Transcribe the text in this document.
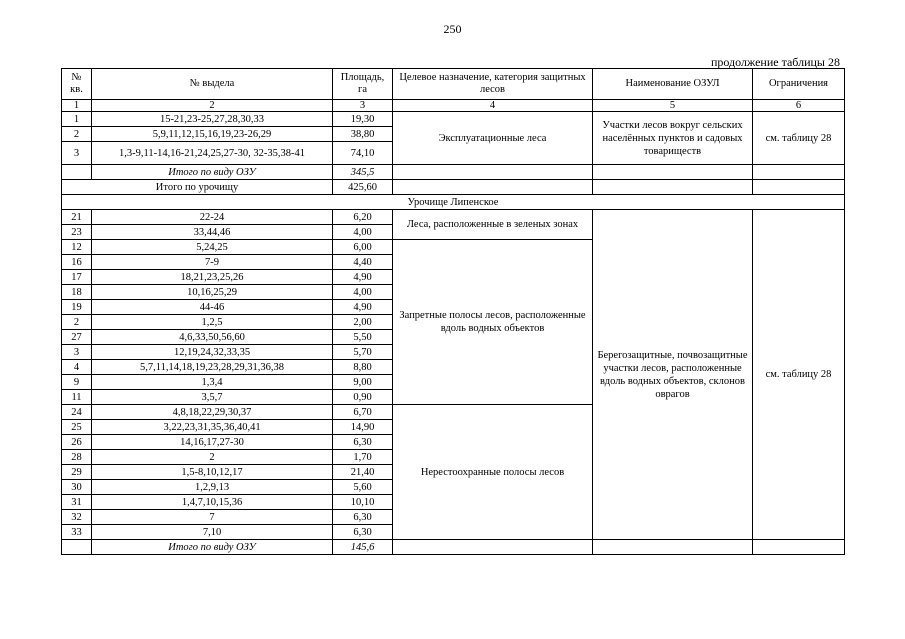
250
продолжение таблицы 28
№ кв.	№ выдела	Площадь, га	Целевое назначение, категория защитных лесов	Наименование ОЗУЛ	Ограничения
1	2	3	4	5	6
1	15-21,23-25,27,28,30,33	19,30	Эксплуатационные леса	Участки лесов вокруг сельских населённых пунктов и садовых товариществ	см. таблицу 28
2	5,9,11,12,15,16,19,23-26,29	38,80			
3	1,3-9,11-14,16-21,24,25,27-30, 32-35,38-41	74,10			
	Итого по виду ОЗУ	345,5			
Итого по урочищу		425,60			
Урочище Липенское					
21	22-24	6,20	Леса, расположенные в зеленых зонах	Берегозащитные, почвозащитные участки лесов, расположенные вдоль водных объектов, склонов оврагов	см. таблицу 28
23	33,44,46	4,00			
12	5,24,25	6,00	Запретные полосы лесов, расположенные вдоль водных объектов		
16	7-9	4,40			
17	18,21,23,25,26	4,90			
18	10,16,25,29	4,00			
19	44-46	4,90			
2	1,2,5	2,00			
27	4,6,33,50,56,60	5,50			
3	12,19,24,32,33,35	5,70			
4	5,7,11,14,18,19,23,28,29,31,36,38	8,80			
9	1,3,4	9,00			
11	3,5,7	0,90			
24	4,8,18,22,29,30,37	6,70	Нерестоохранные полосы лесов		
25	3,22,23,31,35,36,40,41	14,90			
26	14,16,17,27-30	6,30			
28	2	1,70			
29	1,5-8,10,12,17	21,40			
30	1,2,9,13	5,60			
31	1,4,7,10,15,36	10,10			
32	7	6,30			
33	7,10	6,30			
	Итого по виду ОЗУ	145,6			
